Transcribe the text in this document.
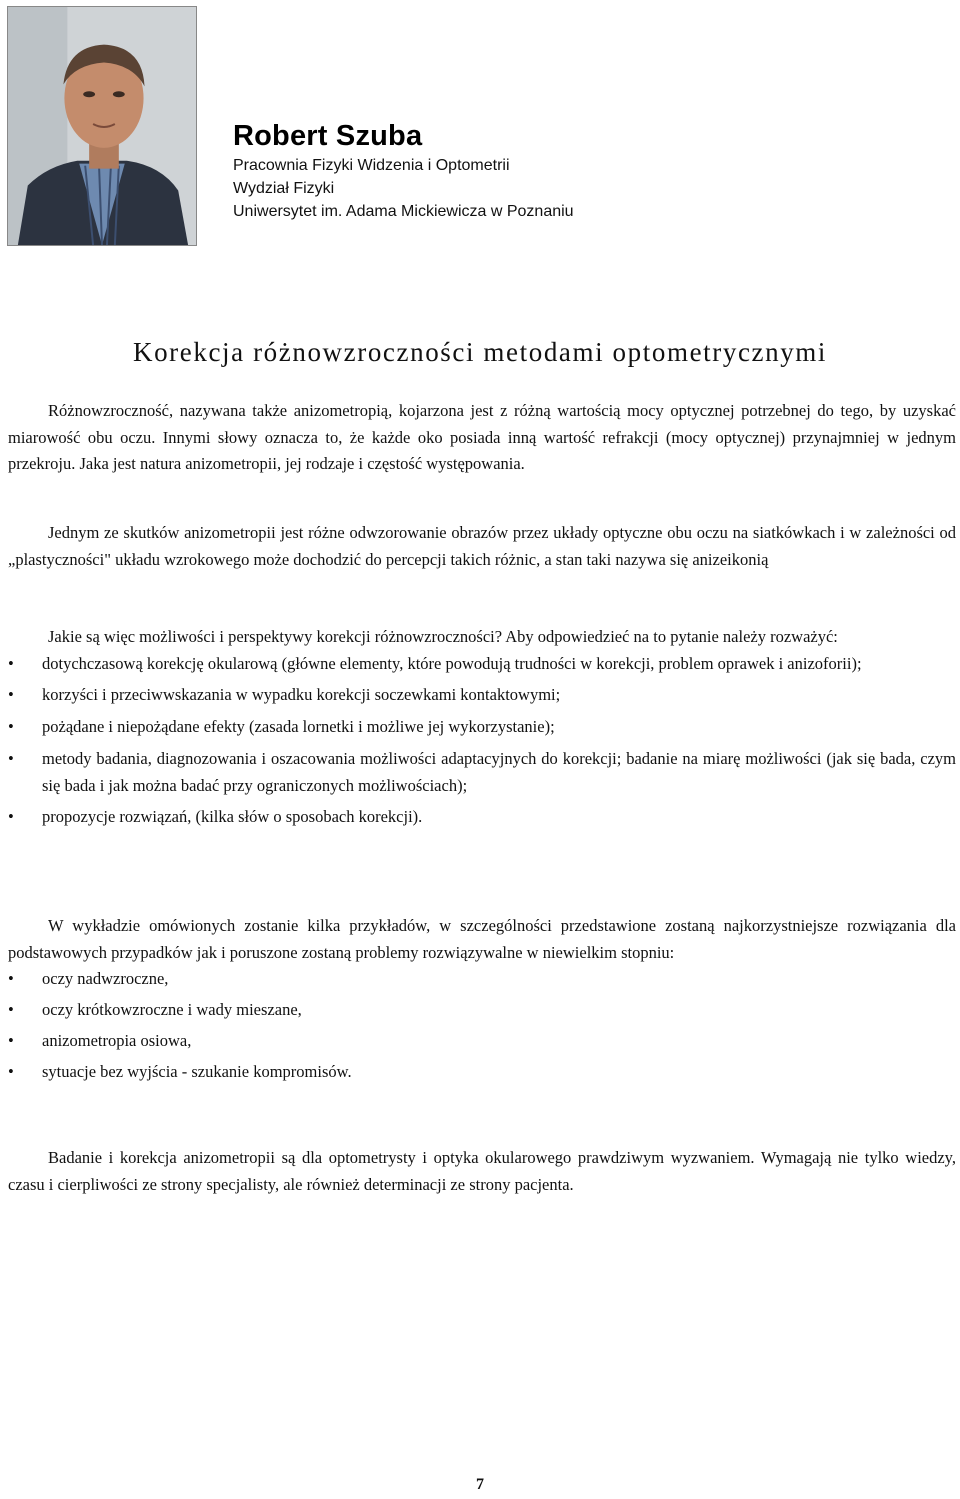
Robert Szuba
Pracownia Fizyki Widzenia i Optometrii
Wydział Fizyki
Uniwersytet im. Adama Mickiewicza w Poznaniu
Korekcja różnowzroczności metodami optometrycznymi

Różnowzroczność, nazywana także anizometropią, kojarzona jest z różną wartością mocy optycznej potrzebnej do tego, by uzyskać miarowość obu oczu. Innymi słowy oznacza to, że każde oko posiada inną wartość refrakcji (mocy optycznej) przynajmniej w jednym przekroju. Jaka jest natura anizometropii, jej rodzaje i częstość występowania.

Jednym ze skutków anizometropii jest różne odwzorowanie obrazów przez układy optyczne obu oczu na siatkówkach i w zależności od „plastyczności" układu wzrokowego może dochodzić do percepcji takich różnic, a stan taki nazywa się anizeikonią

Jakie są więc możliwości i perspektywy korekcji różnowzroczności? Aby odpowiedzieć na to pytanie należy rozważyć:

• dotychczasową korekcję okularową (główne elementy, które powodują trudności w korekcji, problem oprawek i anizoforii);
• korzyści i przeciwwskazania w wypadku korekcji soczewkami kontaktowymi;
• pożądane i niepożądane efekty (zasada lornetki i możliwe jej wykorzystanie);
• metody badania, diagnozowania i oszacowania możliwości adaptacyjnych do korekcji; badanie na miarę możliwości (jak się bada, czym się bada i jak można badać przy ograniczonych możliwościach);
• propozycje rozwiązań, (kilka słów o sposobach korekcji).

W wykładzie omówionych zostanie kilka przykładów, w szczególności przedstawione zostaną najkorzystniejsze rozwiązania dla podstawowych przypadków jak i poruszone zostaną problemy rozwiązywalne w niewielkim stopniu:

• oczy nadwzroczne,
• oczy krótkowzroczne i wady mieszane,
• anizometropia osiowa,
• sytuacje bez wyjścia - szukanie kompromisów.

Badanie i korekcja anizometropii są dla optometrysty i optyka okularowego prawdziwym wyzwaniem. Wymagają nie tylko wiedzy, czasu i cierpliwości ze strony specjalisty, ale również determinacji ze strony pacjenta.

7
